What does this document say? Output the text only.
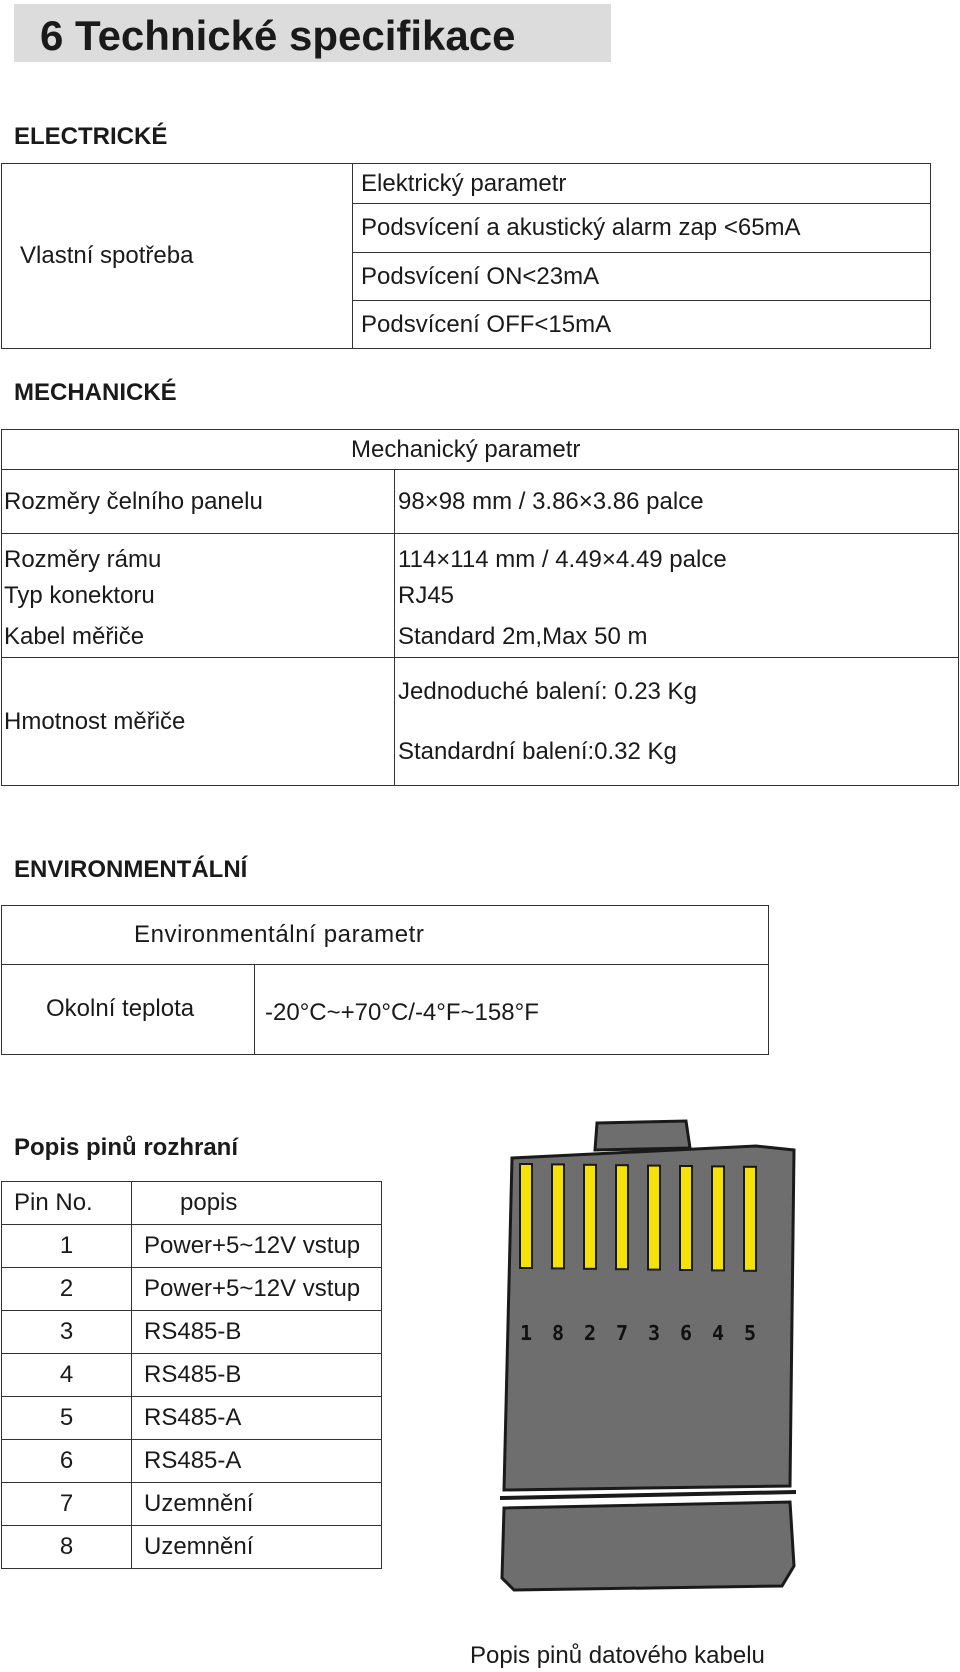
6 Technické specifikace
ELECTRICKÉ
Vlastní spotřeba	Elektrický parametr
Podsvícení a akustický alarm zap <65mA
Podsvícení ON<23mA
Podsvícení OFF<15mA
MECHANICKÉ
Mechanický parametr	
Rozměry čelního panelu	98×98 mm / 3.86×3.86 palce
Rozměry rámu	114×114 mm / 4.49×4.49 palce
Typ konektoru	RJ45
Kabel měřiče	Standard 2m,Max 50 m
Hmotnost měřiče	Jednoduché balení: 0.23 Kg
Standardní balení:0.32 Kg
ENVIRONMENTÁLNÍ
Environmentální parametr
Okolní teplota	-20°C~+70°C/-4°F~158°F
Popis pinů rozhraní
Pin No.	popis
1	Power+5~12V vstup
2	Power+5~12V vstup
3	RS485-B
4	RS485-B
5	RS485-A
6	RS485-A
7	Uzemnění
8	Uzemnění
1 8 2 7 3 6 4 5
Popis pinů datového kabelu
